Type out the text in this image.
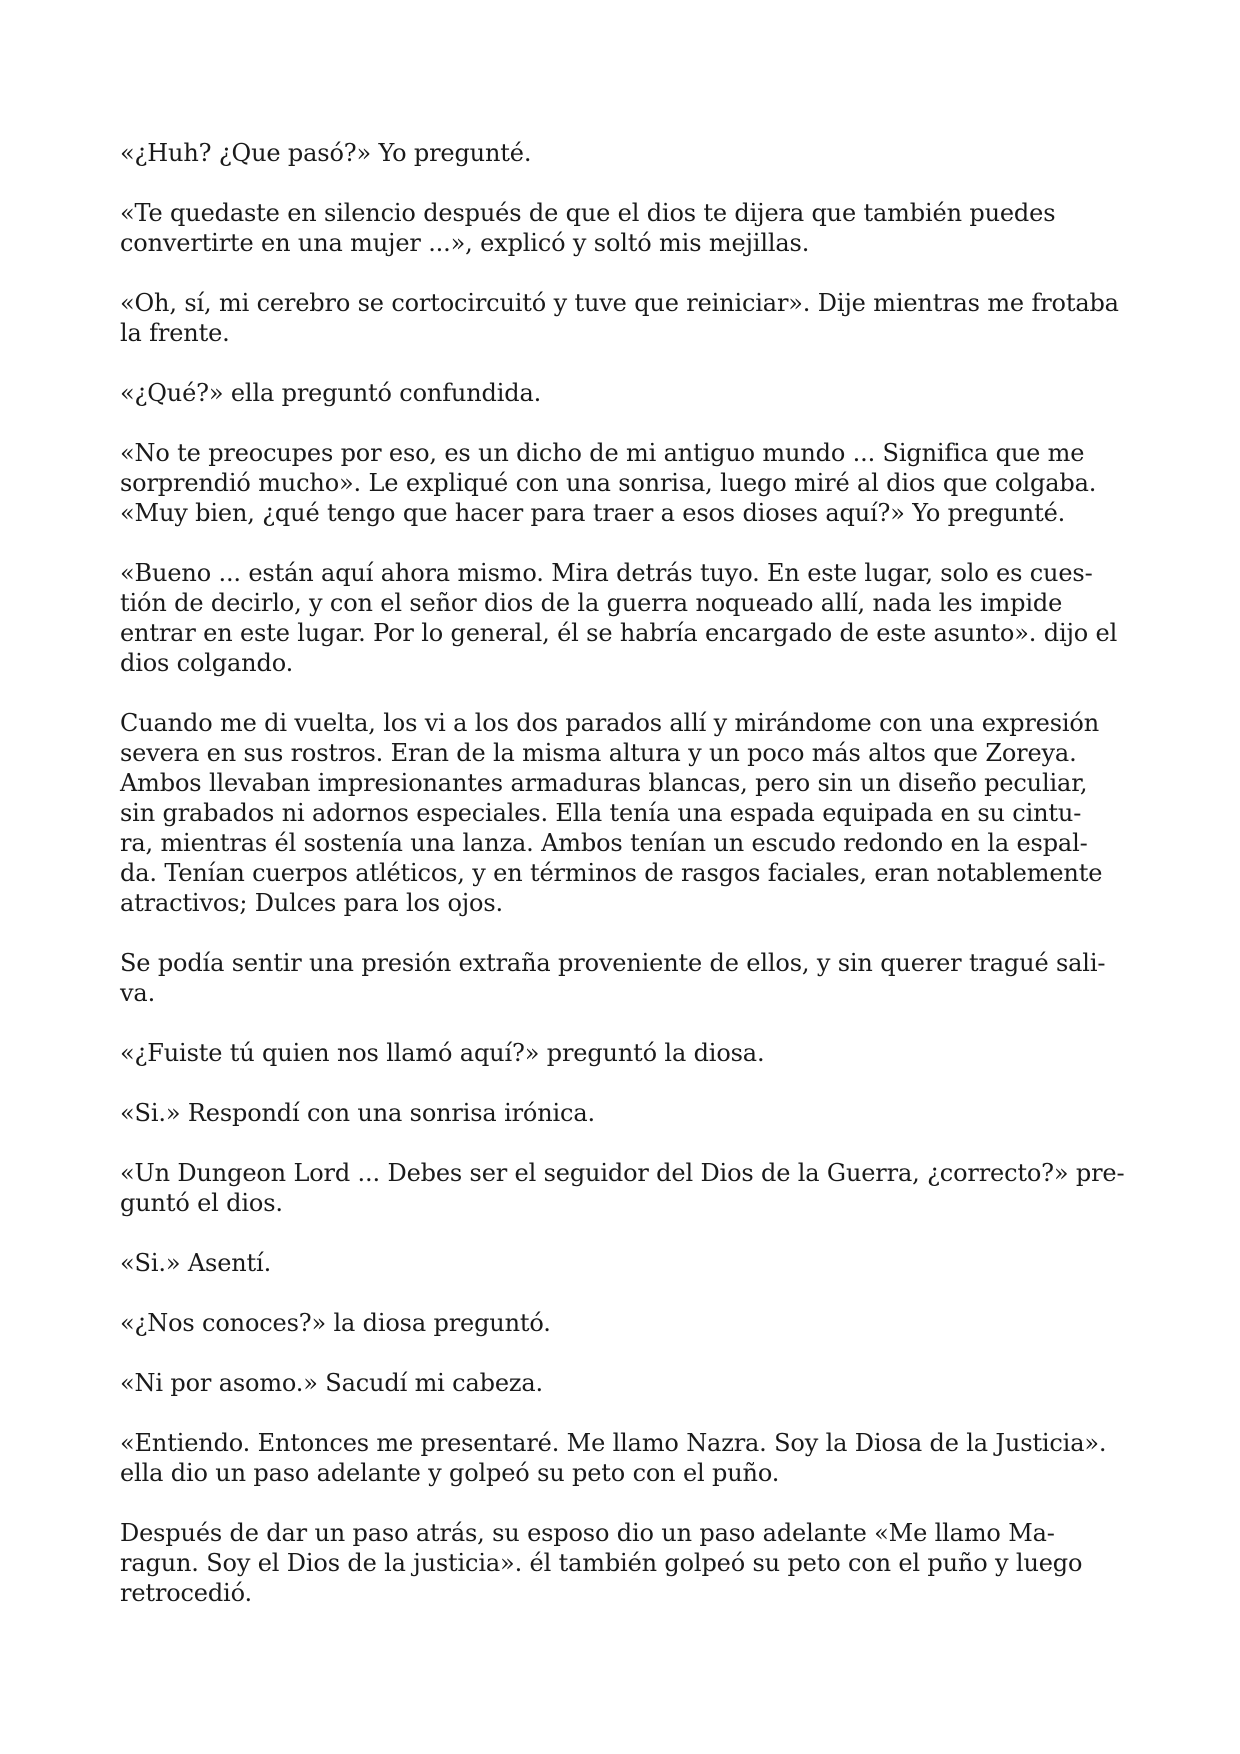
«¿Huh? ¿Que pasó?» Yo pregunté.
«Te quedaste en silencio después de que el dios te dijera que también puedes
convertirte en una mujer ...», explicó y soltó mis mejillas.
«Oh, sí, mi cerebro se cortocircuitó y tuve que reiniciar». Dije mientras me frotaba
la frente.
«¿Qué?» ella preguntó confundida.
«No te preocupes por eso, es un dicho de mi antiguo mundo ... Significa que me
sorprendió mucho». Le expliqué con una sonrisa, luego miré al dios que colgaba.
«Muy bien, ¿qué tengo que hacer para traer a esos dioses aquí?» Yo pregunté.
«Bueno ... están aquí ahora mismo. Mira detrás tuyo. En este lugar, solo es cues-
tión de decirlo, y con el señor dios de la guerra noqueado allí, nada les impide
entrar en este lugar. Por lo general, él se habría encargado de este asunto». dijo el
dios colgando.
Cuando me di vuelta, los vi a los dos parados allí y mirándome con una expresión
severa en sus rostros. Eran de la misma altura y un poco más altos que Zoreya.
Ambos llevaban impresionantes armaduras blancas, pero sin un diseño peculiar,
sin grabados ni adornos especiales. Ella tenía una espada equipada en su cintu-
ra, mientras él sostenía una lanza. Ambos tenían un escudo redondo en la espal-
da. Tenían cuerpos atléticos, y en términos de rasgos faciales, eran notablemente
atractivos; Dulces para los ojos.
Se podía sentir una presión extraña proveniente de ellos, y sin querer tragué sali-
va.
«¿Fuiste tú quien nos llamó aquí?» preguntó la diosa.
«Si.» Respondí con una sonrisa irónica.
«Un Dungeon Lord ... Debes ser el seguidor del Dios de la Guerra, ¿correcto?» pre-
guntó el dios.
«Si.» Asentí.
«¿Nos conoces?» la diosa preguntó.
«Ni por asomo.» Sacudí mi cabeza.
«Entiendo. Entonces me presentaré. Me llamo Nazra. Soy la Diosa de la Justicia».
ella dio un paso adelante y golpeó su peto con el puño.
Después de dar un paso atrás, su esposo dio un paso adelante «Me llamo Ma-
ragun. Soy el Dios de la justicia». él también golpeó su peto con el puño y luego
retrocedió.
